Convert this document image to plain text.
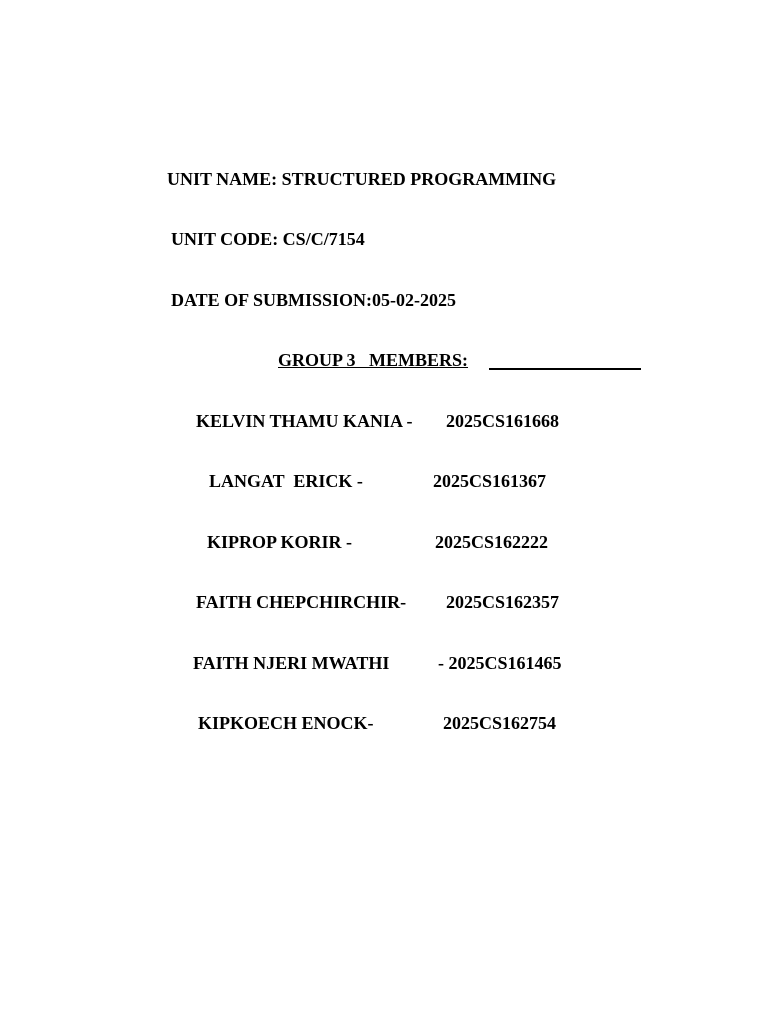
UNIT NAME: STRUCTURED PROGRAMMING
UNIT CODE: CS/C/7154
DATE OF SUBMISSION:05-02-2025
GROUP 3   MEMBERS:
KELVIN THAMU KANIA - 2025CS161668
LANGAT  ERICK -	2025CS161367
KIPROP KORIR -	2025CS162222
FAITH CHEPCHIRCHIR- 2025CS162357
FAITH NJERI MWATHI	- 2025CS161465
KIPKOECH ENOCK-	2025CS162754
